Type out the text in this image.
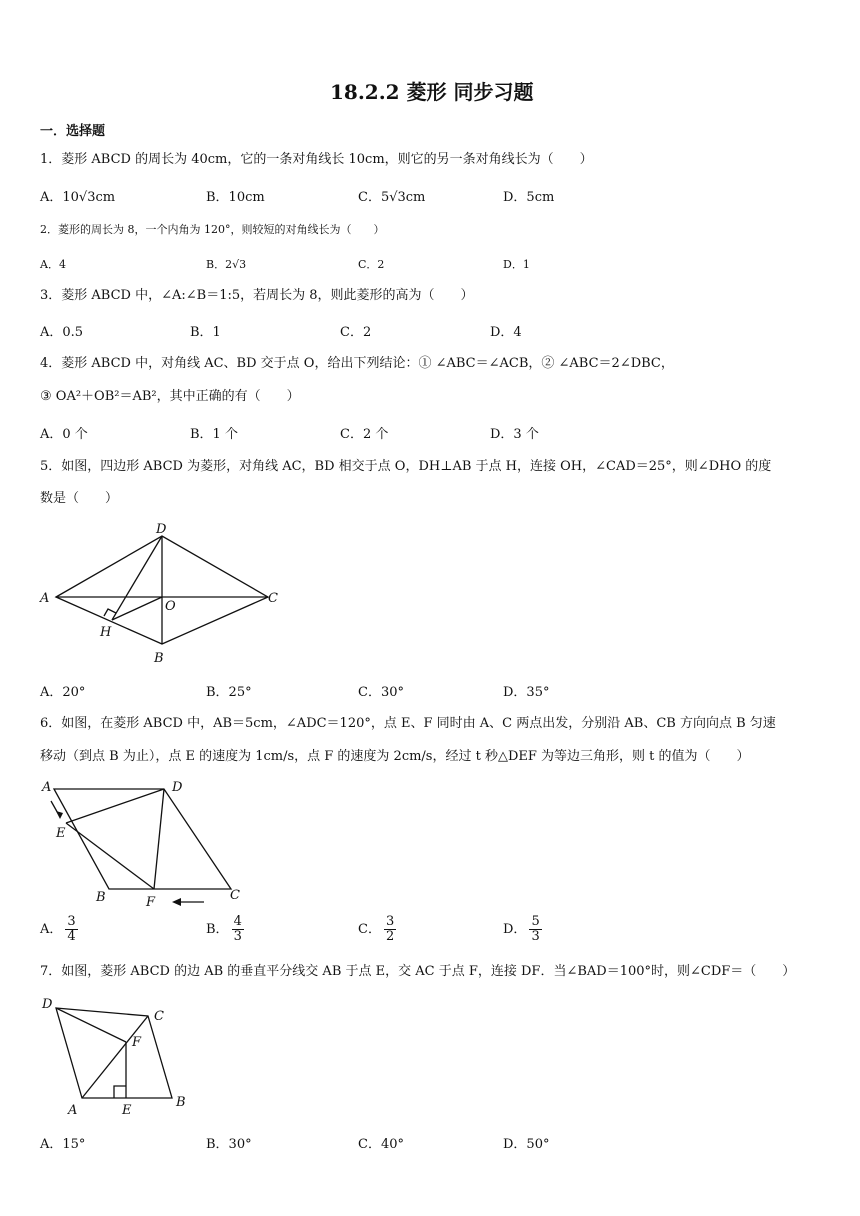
18.2.2 菱形 同步习题
一．选择题
1．菱形 ABCD 的周长为 40cm，它的一条对角线长 10cm，则它的另一条对角线长为（　　）
A．10√3cm	B．10cm	C．5√3cm	D．5cm
2．菱形的周长为 8，一个内角为 120°，则较短的对角线长为（　　）
A．4	B．2√3	C．2	D．1
3．菱形 ABCD 中，∠A:∠B＝1:5，若周长为 8，则此菱形的高为（　　）
A．0.5	B．1	C．2	D．4
4．菱形 ABCD 中，对角线 AC、BD 交于点 O，给出下列结论：① ∠ABC＝∠ACB，② ∠ABC＝2∠DBC，
③ OA²＋OB²＝AB²，其中正确的有（　　）
A．0 个	B．1 个	C．2 个	D．3 个
5．如图，四边形 ABCD 为菱形，对角线 AC，BD 相交于点 O，DH⊥AB 于点 H，连接 OH，∠CAD＝25°，则∠DHO 的度
数是（　　）
A
B
C
D
O
H
A．20°	B．25°	C．30°	D．35°
6．如图，在菱形 ABCD 中，AB＝5cm，∠ADC＝120°，点 E、F 同时由 A、C 两点出发，分别沿 AB、CB 方向向点 B 匀速
移动（到点 B 为止），点 E 的速度为 1cm/s，点 F 的速度为 2cm/s，经过 t 秒△DEF 为等边三角形，则 t 的值为（　　）
A
B	C
D
E
F
A． $\frac{3}{4}$	B． $\frac{4}{3}$	C． $\frac{3}{2}$	D． $\frac{5}{3}$
7．如图，菱形 ABCD 的边 AB 的垂直平分线交 AB 于点 E，交 AC 于点 F，连接 DF．当∠BAD＝100°时，则∠CDF＝（　　）
A
B
C
D
E
F
A．15°	B．30°	C．40°	D．50°
